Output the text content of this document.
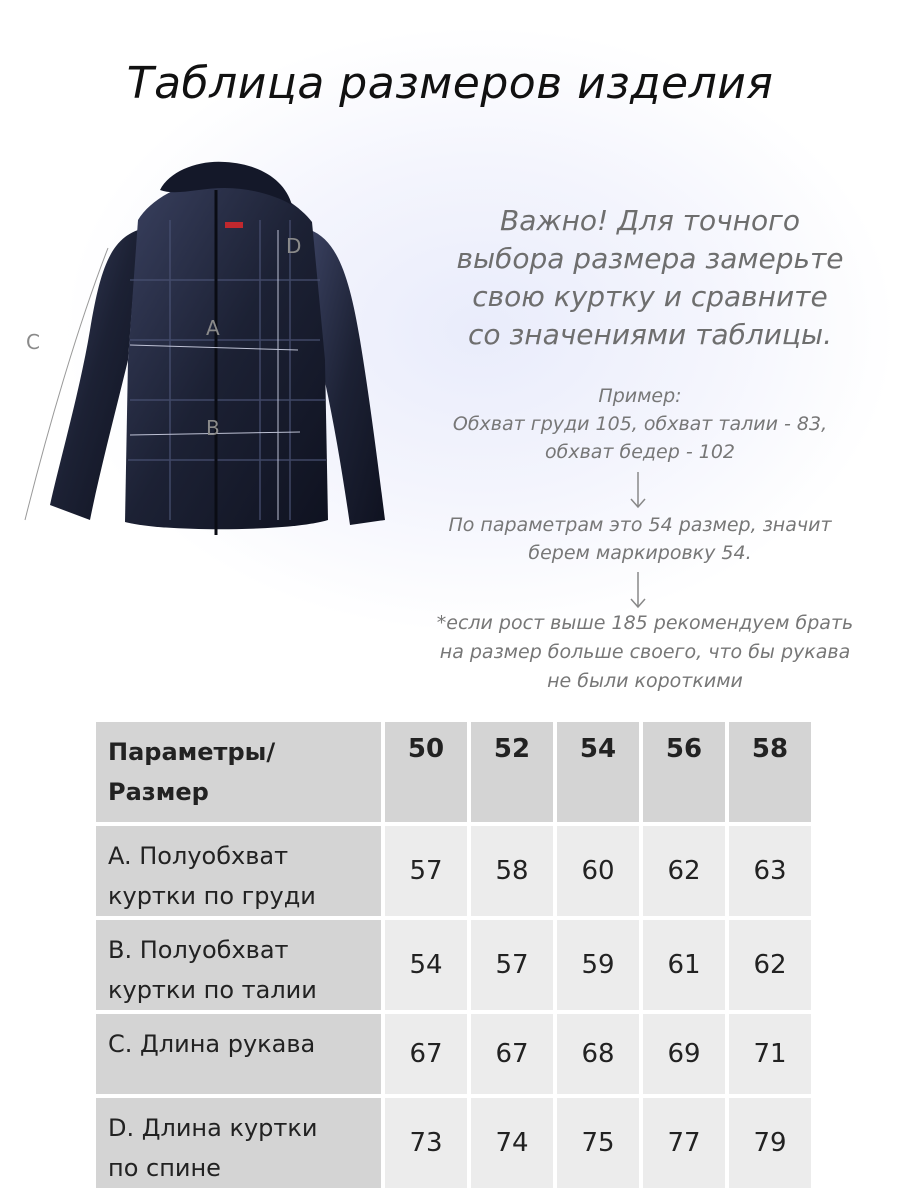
Таблица размеров изделия
A
B
C
D
Важно! Для точного
выбора размера замерьте
свою куртку и сравните
со значениями таблицы.
Пример:
Обхват груди 105, обхват талии - 83,
обхват бедер - 102
По параметрам это 54 размер, значит
берем маркировку 54.
*если рост выше 185 рекомендуем брать
на размер больше своего, что бы рукава
не были короткими
Параметры/
Размер	50	52	54	56	58

A. Полуобхват
куртки по груди	57	58	60	62	63

B. Полуобхват
куртки по талии	54	57	59	61	62

C. Длина рукава	67	67	68	69	71

D. Длина куртки
по спине	73	74	75	77	79
